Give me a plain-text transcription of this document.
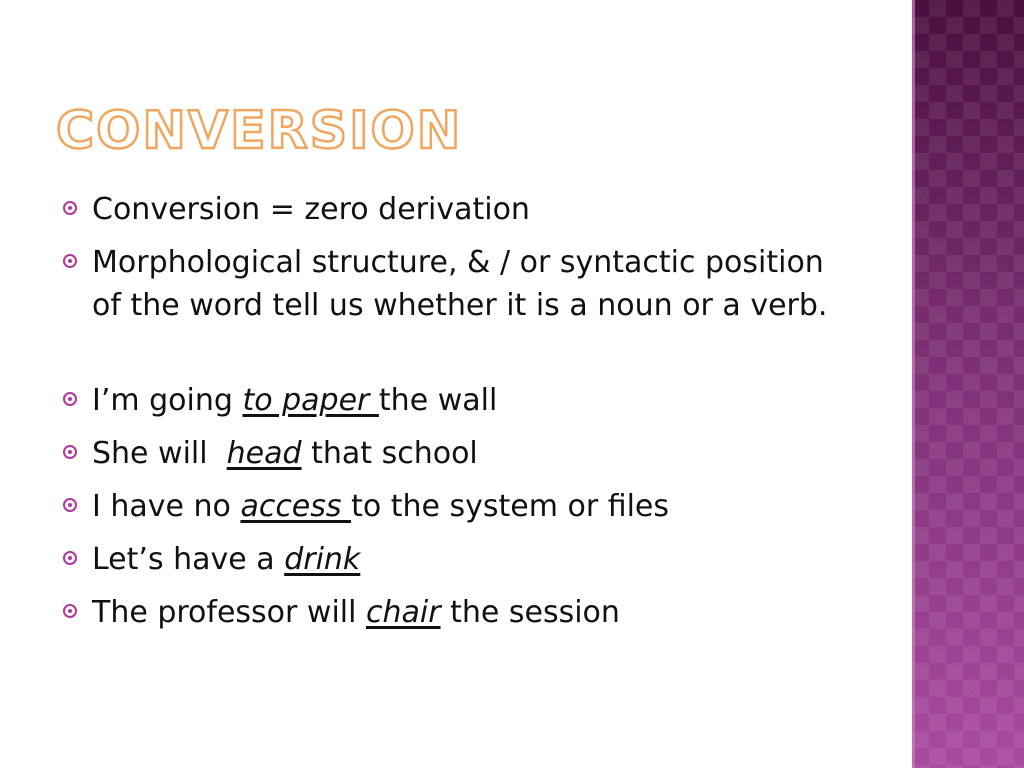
CONVERSION
Conversion = zero derivation
Morphological structure, & / or syntactic position of the word tell us whether it is a noun or a verb.
I’m going to paper the wall
She will  head that school
I have no access to the system or files
Let’s have a drink
The professor will chair the session
